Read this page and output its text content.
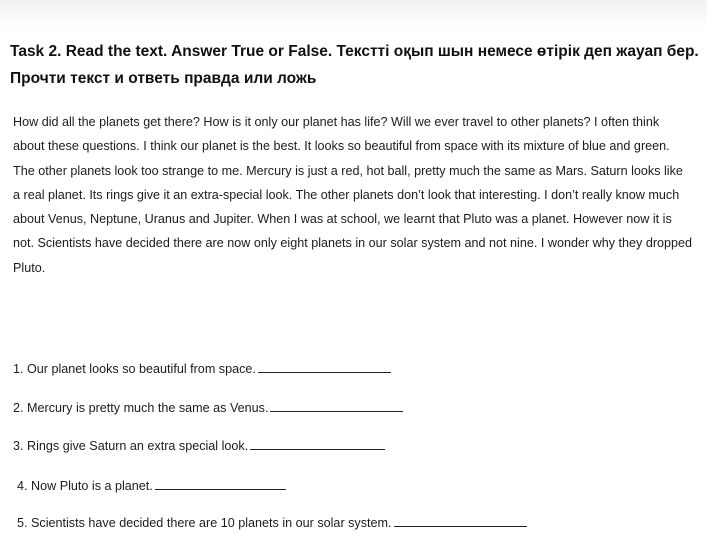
Task 2. Read the text. Answer True or False. Текстті оқып шын немесе өтірік деп жауап бер. Прочти текст и ответь правда или ложь
How did all the planets get there? How is it only our planet has life? Will we ever travel to other planets? I often think about these questions. I think our planet is the best. It looks so beautiful from space with its mixture of blue and green. The other planets look too strange to me. Mercury is just a red, hot ball, pretty much the same as Mars. Saturn looks like a real planet. Its rings give it an extra-special look. The other planets don’t look that interesting. I don’t really know much about Venus, Neptune, Uranus and Jupiter. When I was at school, we learnt that Pluto was a planet. However now it is not. Scientists have decided there are now only eight planets in our solar system and not nine. I wonder why they dropped Pluto.
1. Our planet looks so beautiful from space.
2. Mercury is pretty much the same as Venus.
3. Rings give Saturn an extra special look.
4. Now Pluto is a planet.
5. Scientists have decided there are 10 planets in our solar system.
